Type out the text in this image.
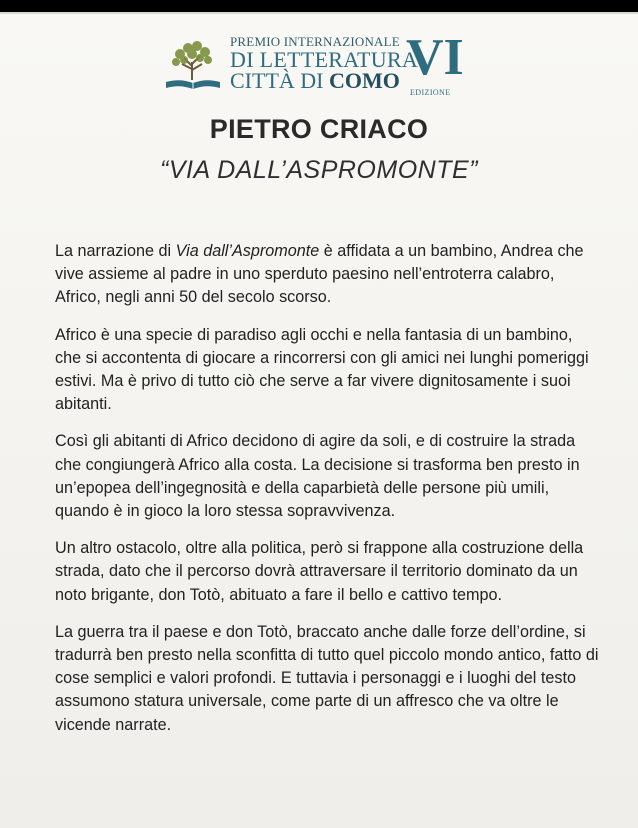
PREMIO INTERNAZIONALE
DI LETTERATURA
CITTÀ DI COMO VI
EDIZIONE
PIETRO CRIACO
“VIA DALL’ASPROMONTE”

La narrazione di Via dall’Aspromonte è affidata a un bambino, Andrea che vive assieme al padre in uno sperduto paesino nell’entroterra calabro, Africo, negli anni 50 del secolo scorso.

Africo è una specie di paradiso agli occhi e nella fantasia di un bambino, che si accontenta di giocare a rincorrersi con gli amici nei lunghi pomeriggi estivi. Ma è privo di tutto ciò che serve a far vivere dignitosamente i suoi abitanti.

Così gli abitanti di Africo decidono di agire da soli, e di costruire la strada che congiungerà Africo alla costa. La decisione si trasforma ben presto in un’epopea dell’ingegnosità e della caparbietà delle persone più umili, quando è in gioco la loro stessa sopravvivenza.

Un altro ostacolo, oltre alla politica, però si frappone alla costruzione della strada, dato che il percorso dovrà attraversare il territorio dominato da un noto brigante, don Totò, abituato a fare il bello e cattivo tempo.

La guerra tra il paese e don Totò, braccato anche dalle forze dell’ordine, si tradurrà ben presto nella sconfitta di tutto quel piccolo mondo antico, fatto di cose semplici e valori profondi. E tuttavia i personaggi e i luoghi del testo assumono statura universale, come parte di un affresco che va oltre le vicende narrate.
